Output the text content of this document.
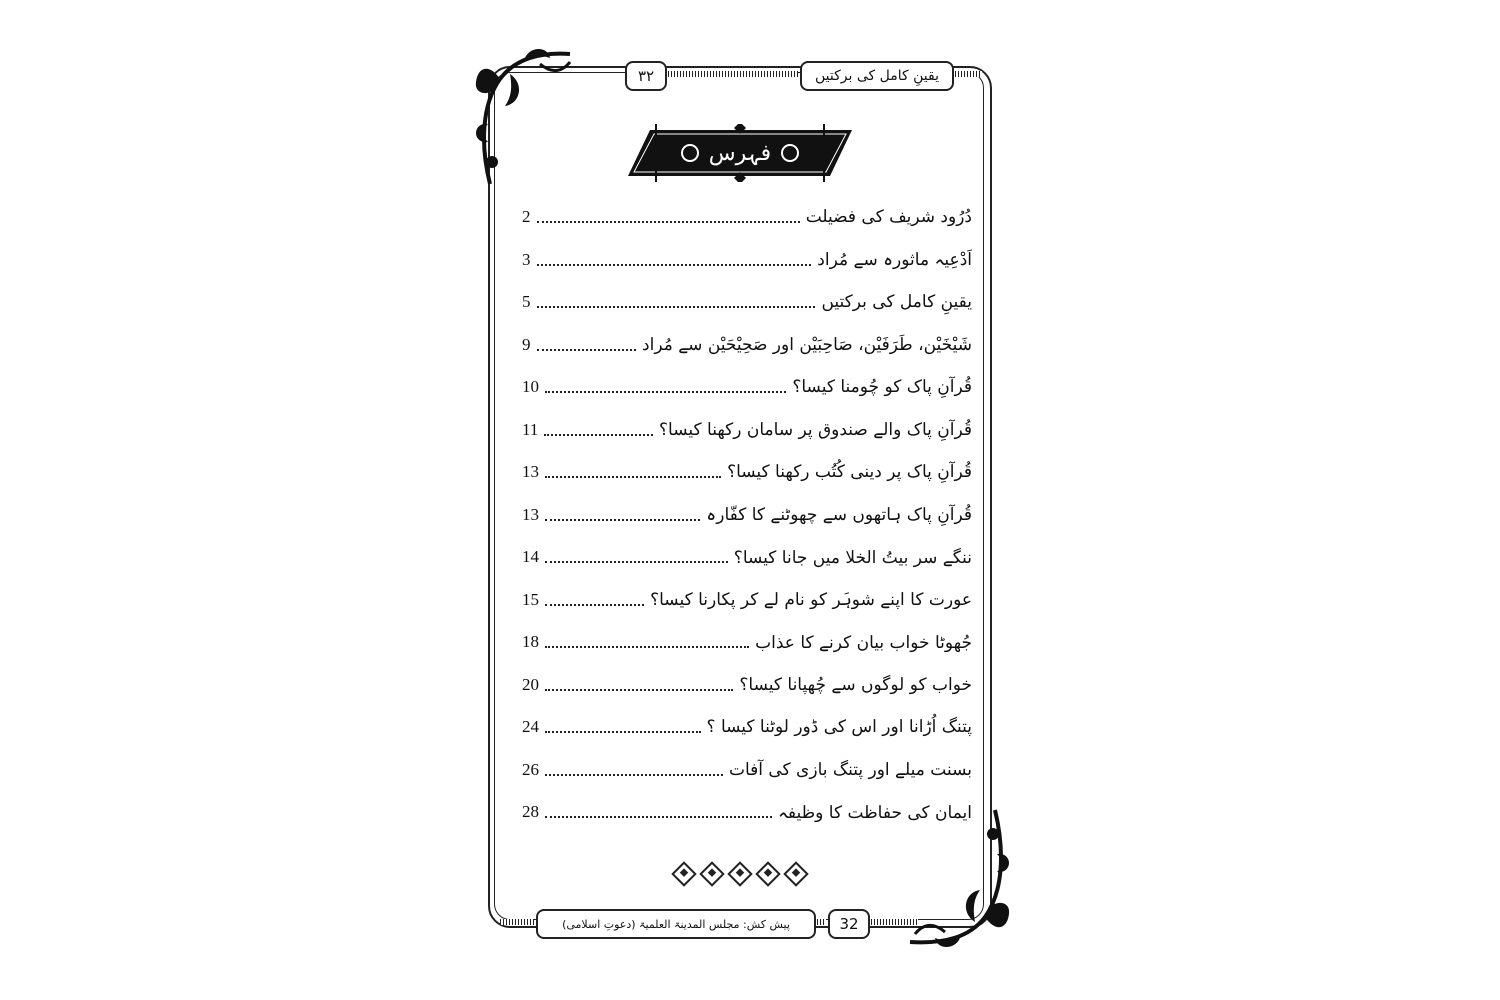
یقینِ کامل کی برکتیں
۳۲
فہرس
دُرُود شریف کی فضیلت
2
اَدْعِیہ ماثورہ سے مُراد
3
یقینِ کامل کی برکتیں
5
شَیْخَیْن، طَرَفَیْن، صَاحِبَیْن اور صَحِیْحَیْن سے مُراد
9
قُرآنِ پاک کو چُومنا کیسا؟
10
قُرآنِ پاک والے صندوق پر سامان رکھنا کیسا؟
11
قُرآنِ پاک پر دینی کُتُب رکھنا کیسا؟
13
قُرآنِ پاک ہاتھوں سے چھوٹنے کا کفّارہ
13
ننگے سر بیتُ الخلا میں جانا کیسا؟
14
عورت کا اپنے شوہَر کو نام لے کر پکارنا کیسا؟
15
جُھوٹا خواب بیان کرنے کا عذاب
18
خواب کو لوگوں سے چُھپانا کیسا؟
20
پتنگ اُڑانا اور اس کی ڈور لوٹنا کیسا ؟
24
بسنت میلے اور پتنگ بازی کی آفات
26
ایمان کی حفاظت کا وظیفہ
28
پیش کش: مجلس المدینۃ العلمیۃ (دعوتِ اسلامی)	32
